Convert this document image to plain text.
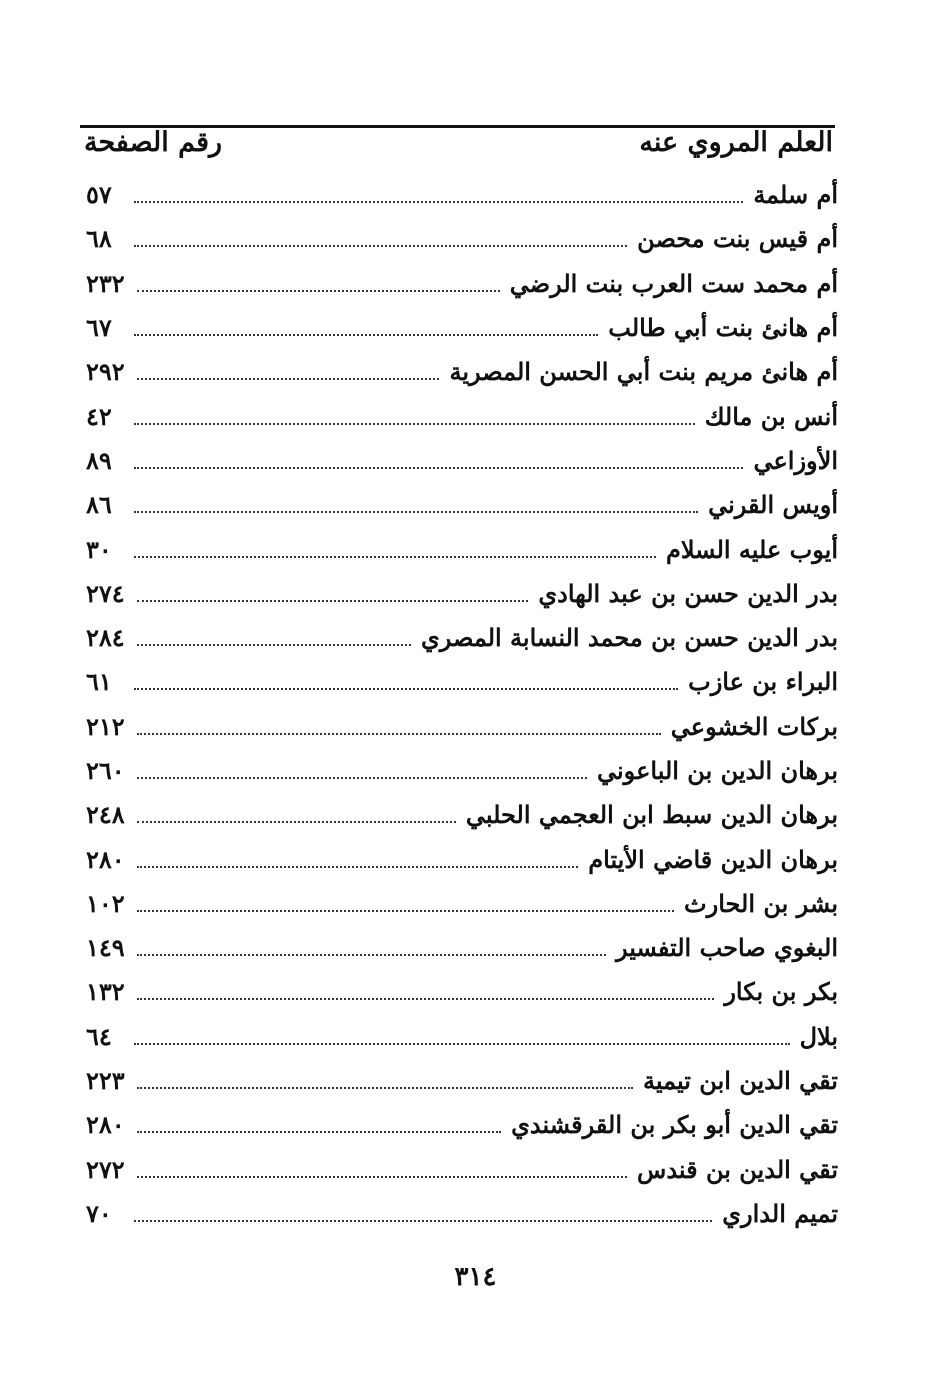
العلم المروي عنه
رقم الصفحة
أم سلمة
٥٧
أم قيس بنت محصن
٦٨
أم محمد ست العرب بنت الرضي
٢٣٢
أم هانئ بنت أبي طالب
٦٧
أم هانئ مريم بنت أبي الحسن المصرية
٢٩٢
أنس بن مالك
٤٢
الأوزاعي
٨٩
أويس القرني
٨٦
أيوب عليه السلام
٣٠
بدر الدين حسن بن عبد الهادي
٢٧٤
بدر الدين حسن بن محمد النسابة المصري
٢٨٤
البراء بن عازب
٦١
بركات الخشوعي
٢١٢
برهان الدين بن الباعوني
٢٦٠
برهان الدين سبط ابن العجمي الحلبي
٢٤٨
برهان الدين قاضي الأيتام
٢٨٠
بشر بن الحارث
١٠٢
البغوي صاحب التفسير
١٤٩
بكر بن بكار
١٣٢
بلال
٦٤
تقي الدين ابن تيمية
٢٢٣
تقي الدين أبو بكر بن القرقشندي
٢٨٠
تقي الدين بن قندس
٢٧٢
تميم الداري
٧٠
٣١٤
